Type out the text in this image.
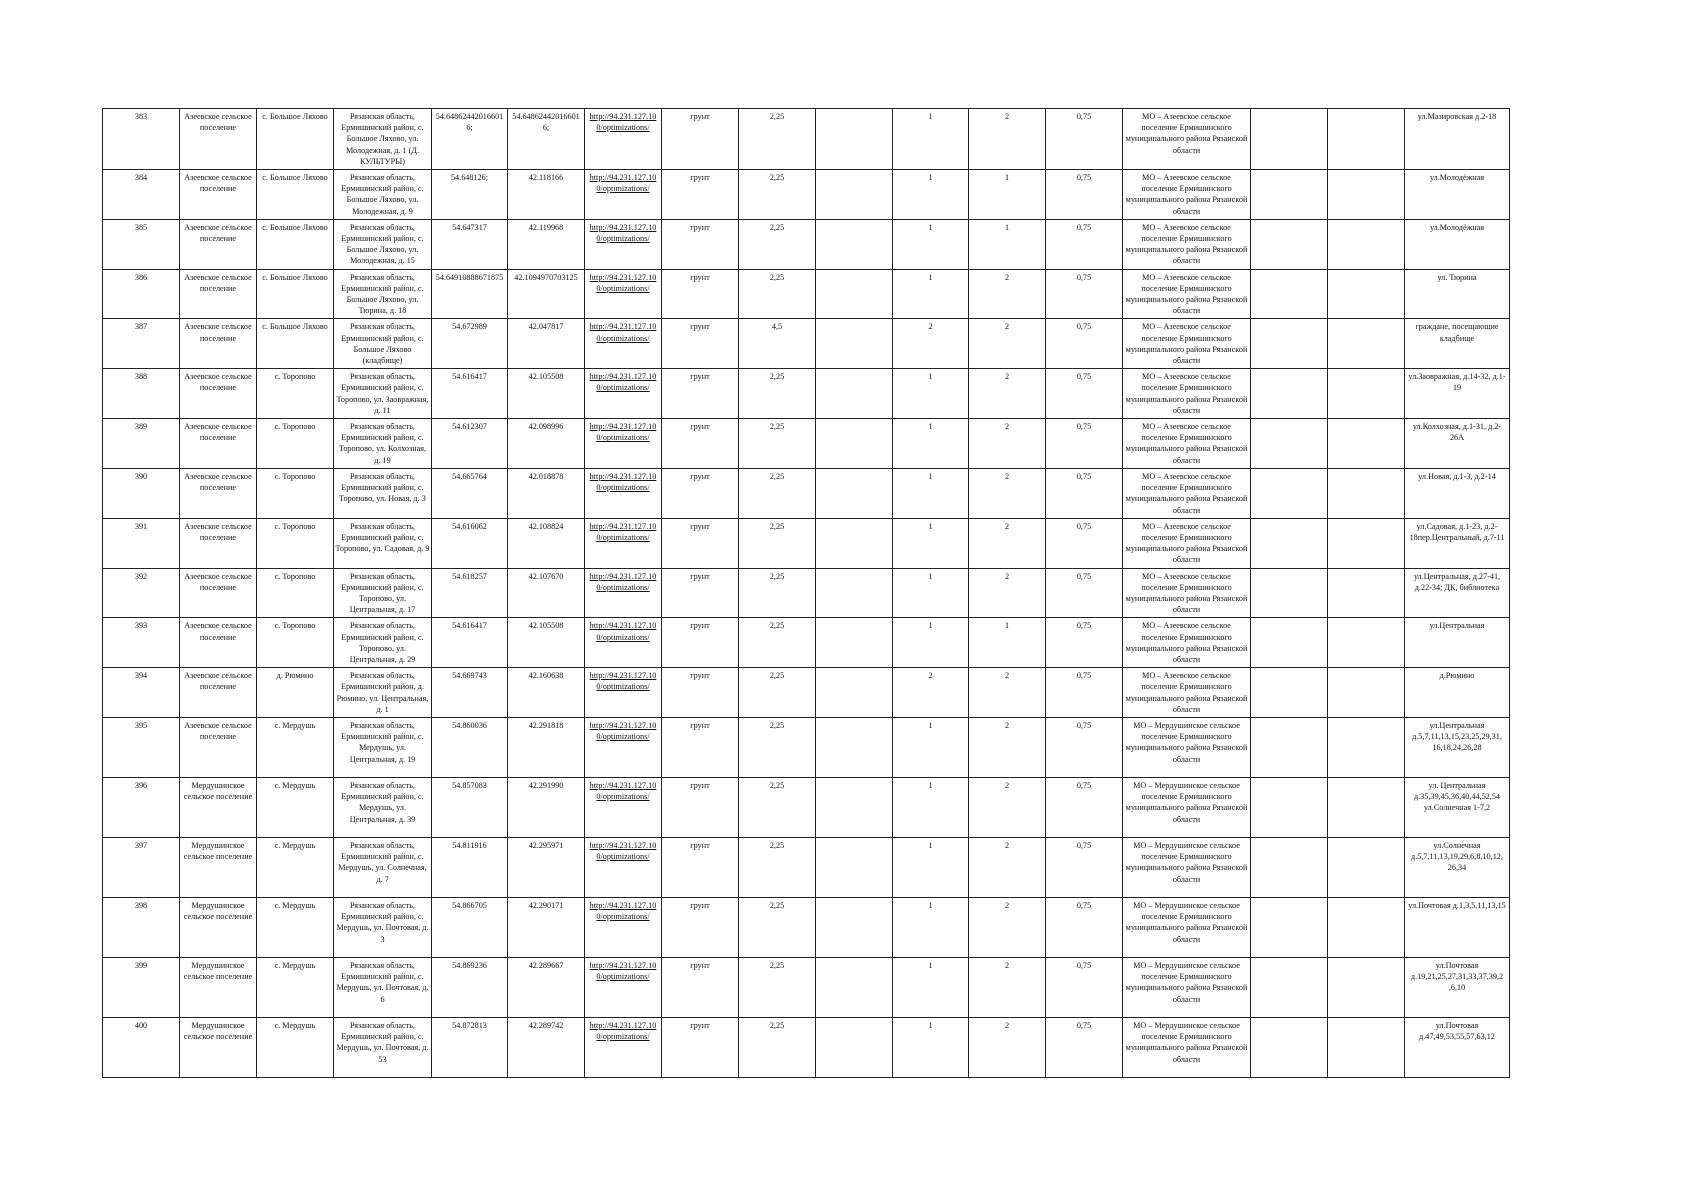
383	Азеевское сельское поселение	с. Большое Ляхово	Рязанская область, Ермишинский район, с. Большое Ляхово, ул. Молодежная, д. 1 (Д. КУЛЬТУРЫ)	54.64862442016601 6;	54.64862442016601 6;	http://94.231.127.10 0/optimizations/	грунт	2,25		1	2	0,75	МО – Азеевское сельское поселение Ермишинского муниципального района Рязанской области			ул.Мазировская д.2-18
384	Азеевское сельское поселение	с. Большое Ляхово	Рязанская область, Ермишинский район, с. Большое Ляхово, ул. Молодежная, д. 9	54.648126;	42.118166	http://94.231.127.10 0/optimizations/	грунт	2,25		1	1	0,75	МО – Азеевское сельское поселение Ермишинского муниципального района Рязанской области			ул.Молодёжная
385	Азеевское сельское поселение	с. Большое Ляхово	Рязанская область, Ермишинский район, с. Большое Ляхово, ул. Молодежная, д. 15	54.647317	42.119968	http://94.231.127.10 0/optimizations/	грунт	2,25		1	1	0,75	МО – Азеевское сельское поселение Ермишинского муниципального района Рязанской области			ул.Молодёжная
386	Азеевское сельское поселение	с. Большое Ляхово	Рязанская область, Ермишинский район, с. Большое Ляхово, ул. Тюрина, д. 18	54.64910888671875	42.1094970703125	http://94.231.127.10 0/optimizations/	грунт	2,25		1	2	0,75	МО – Азеевское сельское поселение Ермишинского муниципального района Рязанской области			ул. Тюрина
387	Азеевское сельское поселение	с. Большое Ляхово	Рязанская область, Ермишинский район, с. Большое Ляхово (кладбище)	54.672989	42.047817	http://94.231.127.10 0/optimizations/	грунт	4,5		2	2	0,75	МО – Азеевское сельское поселение Ермишинского муниципального района Рязанской области			граждане, посещающие кладбище
388	Азеевское сельское поселение	с. Торопово	Рязанская область, Ермишинский район, с. Торопово, ул. Заовражная, д. 11	54.616417	42.105508	http://94.231.127.10 0/optimizations/	грунт	2,25		1	2	0,75	МО – Азеевское сельское поселение Ермишинского муниципального района Рязанской области			ул.Заовражная, д.14-32, д.1-19
389	Азеевское сельское поселение	с. Торопово	Рязанская область, Ермишинский район, с. Торопово, ул. Колхозная, д. 19	54.612307	42.098996	http://94.231.127.10 0/optimizations/	грунт	2,25		1	2	0,75	МО – Азеевское сельское поселение Ермишинского муниципального района Рязанской области			ул.Колхозная, д.1-31, д.2-26А
390	Азеевское сельское поселение	с. Торопово	Рязанская область, Ермишинский район, с. Торопово, ул. Новая, д. 3	54.665764	42.018878	http://94.231.127.10 0/optimizations/	грунт	2,25		1	2	0,75	МО – Азеевское сельское поселение Ермишинского муниципального района Рязанской области			ул.Новая, д.1-3, д.2-14
391	Азеевское сельское поселение	с. Торопово	Рязанская область, Ермишинский район, с. Торопово, ул. Садовая, д. 9	54.616062	42.108824	http://94.231.127.10 0/optimizations/	грунт	2,25		1	2	0,75	МО – Азеевское сельское поселение Ермишинского муниципального района Рязанской области			ул.Садовая, д.1-23, д.2-18пер.Центральный, д.7-11
392	Азеевское сельское поселение	с. Торопово	Рязанская область, Ермишинский район, с. Торопово, ул. Центральная, д. 17	54.618257	42.107670	http://94.231.127.10 0/optimizations/	грунт	2,25		1	2	0,75	МО – Азеевское сельское поселение Ермишинского муниципального района Рязанской области			ул.Центральная, д.27-41, д.22-34; ДК, библиотека
393	Азеевское сельское поселение	с. Торопово	Рязанская область, Ермишинский район, с. Торопово, ул. Центральная, д. 29	54.616417	42.105508	http://94.231.127.10 0/optimizations/	грунт	2,25		1	1	0,75	МО – Азеевское сельское поселение Ермишинского муниципального района Рязанской области			ул.Центральная
394	Азеевское сельское поселение	д. Рюмино	Рязанская область, Ермишинский район, д. Рюмино, ул. Центральная, д. 1	54.669743	42.160638	http://94.231.127.10 0/optimizations/	грунт	2,25		2	2	0,75	МО – Азеевское сельское поселение Ермишинского муниципального района Рязанской области			д.Рюмино
395	Азеевское сельское поселение	с. Мердушь	Рязанская область, Ермишинский район, с. Мердушь, ул. Центральная, д. 19	54.860036	42.291818	http://94.231.127.10 0/optimizations/	грунт	2,25		1	2	0,75	МО – Мердушинское сельское поселение Ермишинского муниципального района Рязанской области			ул.Центральная д.5,7,11,13,15,23,25,29,31, 16,18,24,26,28
396	Мердушинское сельское поселение	с. Мердушь	Рязанская область, Ермишинский район, с. Мердушь, ул. Центральная, д. 39	54.857083	42.291990	http://94.231.127.10 0/optimizations/	грунт	2,25		1	2	0,75	МО – Мердушинское сельское поселение Ермишинского муниципального района Рязанской области			ул. Центральная д.35,39,45,36,40,44,52,54 ул.Солнечная 1-7,2
397	Мердушинское сельское поселение	с. Мердушь	Рязанская область, Ермишинский район, с. Мердушь, ул. Солнечная, д. 7	54.811916	42.295971	http://94.231.127.10 0/optimizations/	грунт	2,25		1	2	0,75	МО – Мердушинское сельское поселение Ермишинского муниципального района Рязанской области			ул.Солнечная д.5,7,11,13,19,29,6,8,10,12, 26,34
398	Мердушинское сельское поселение	с. Мердушь	Рязанская область, Ермишинский район, с. Мердушь, ул. Почтовая, д. 3	54.866705	42.290171	http://94.231.127.10 0/optimizations/	грунт	2,25		1	2	0,75	МО – Мердушинское сельское поселение Ермишинского муниципального района Рязанской области			ул.Почтовая д.1,3,5,11,13,15
399	Мердушинское сельское поселение	с. Мердушь	Рязанская область, Ермишинский район, с. Мердушь, ул. Почтовая, д. 6	54.869236	42.289667	http://94.231.127.10 0/optimizations/	грунт	2,25		1	2	0,75	МО – Мердушинское сельское поселение Ермишинского муниципального района Рязанской области			ул.Почтовая д.19,21,25,27,31,33,37,39,2 ,6,10
400	Мердушинское сельское поселение	с. Мердушь	Рязанская область, Ермишинский район, с. Мердушь, ул. Почтовая, д. 53	54.872813	42.289742	http://94.231.127.10 0/optimizations/	грунт	2,25		1	2	0,75	МО – Мердушинское сельское поселение Ермишинского муниципального района Рязанской области			ул.Почтовая д.47,49,53,55,57,63,12
